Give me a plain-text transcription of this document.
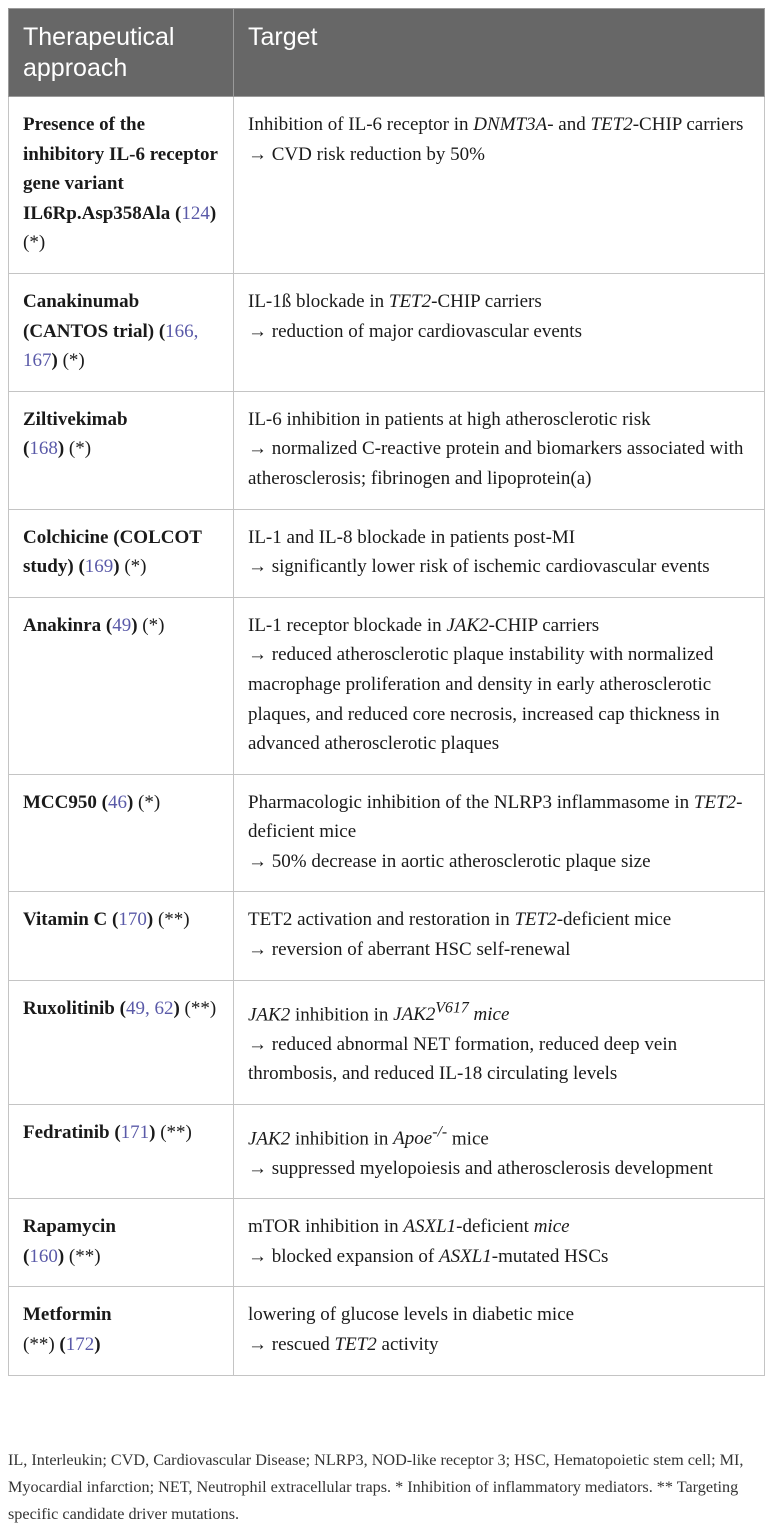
Therapeutical approach	Target
Presence of the inhibitory IL-6 receptor gene variant IL6Rp.Asp358Ala (124) (*)	Inhibition of IL-6 receptor in DNMT3A- and TET2-CHIP carriers
→ CVD risk reduction by 50%

Canakinumab (CANTOS trial) (166, 167) (*)	IL-1ß blockade in TET2-CHIP carriers
→ reduction of major cardiovascular events

Ziltivekimab
(168) (*)	IL-6 inhibition in patients at high atherosclerotic risk
→ normalized C-reactive protein and biomarkers associated with atherosclerosis; fibrinogen and lipoprotein(a)

Colchicine (COLCOT study) (169) (*)	IL-1 and IL-8 blockade in patients post-MI
→ significantly lower risk of ischemic cardiovascular events

Anakinra (49) (*)	IL-1 receptor blockade in JAK2-CHIP carriers
→ reduced atherosclerotic plaque instability with normalized macrophage proliferation and density in early atherosclerotic plaques, and reduced core necrosis, increased cap thickness in advanced atherosclerotic plaques

MCC950 (46) (*)	Pharmacologic inhibition of the NLRP3 inflammasome in TET2-deficient mice
→ 50% decrease in aortic atherosclerotic plaque size

Vitamin C (170) (**)	TET2 activation and restoration in TET2-deficient mice
→ reversion of aberrant HSC self-renewal

Ruxolitinib (49, 62) (**)	JAK2 inhibition in $JAK2^{V617}$ mice
→ reduced abnormal NET formation, reduced deep vein thrombosis, and reduced IL-18 circulating levels

Fedratinib (171) (**)	JAK2 inhibition in Apoe-/- mice
→ suppressed myelopoiesis and atherosclerosis development

Rapamycin
(160) (**)	mTOR inhibition in ASXL1-deficient mice
→ blocked expansion of ASXL1-mutated HSCs

Metformin
(**) (172)	lowering of glucose levels in diabetic mice
→ rescued TET2 activity
IL, Interleukin; CVD, Cardiovascular Disease; NLRP3, NOD-like receptor 3; HSC, Hematopoietic stem cell; MI, Myocardial infarction; NET, Neutrophil extracellular traps. * Inhibition of inflammatory mediators. ** Targeting specific candidate driver mutations.
